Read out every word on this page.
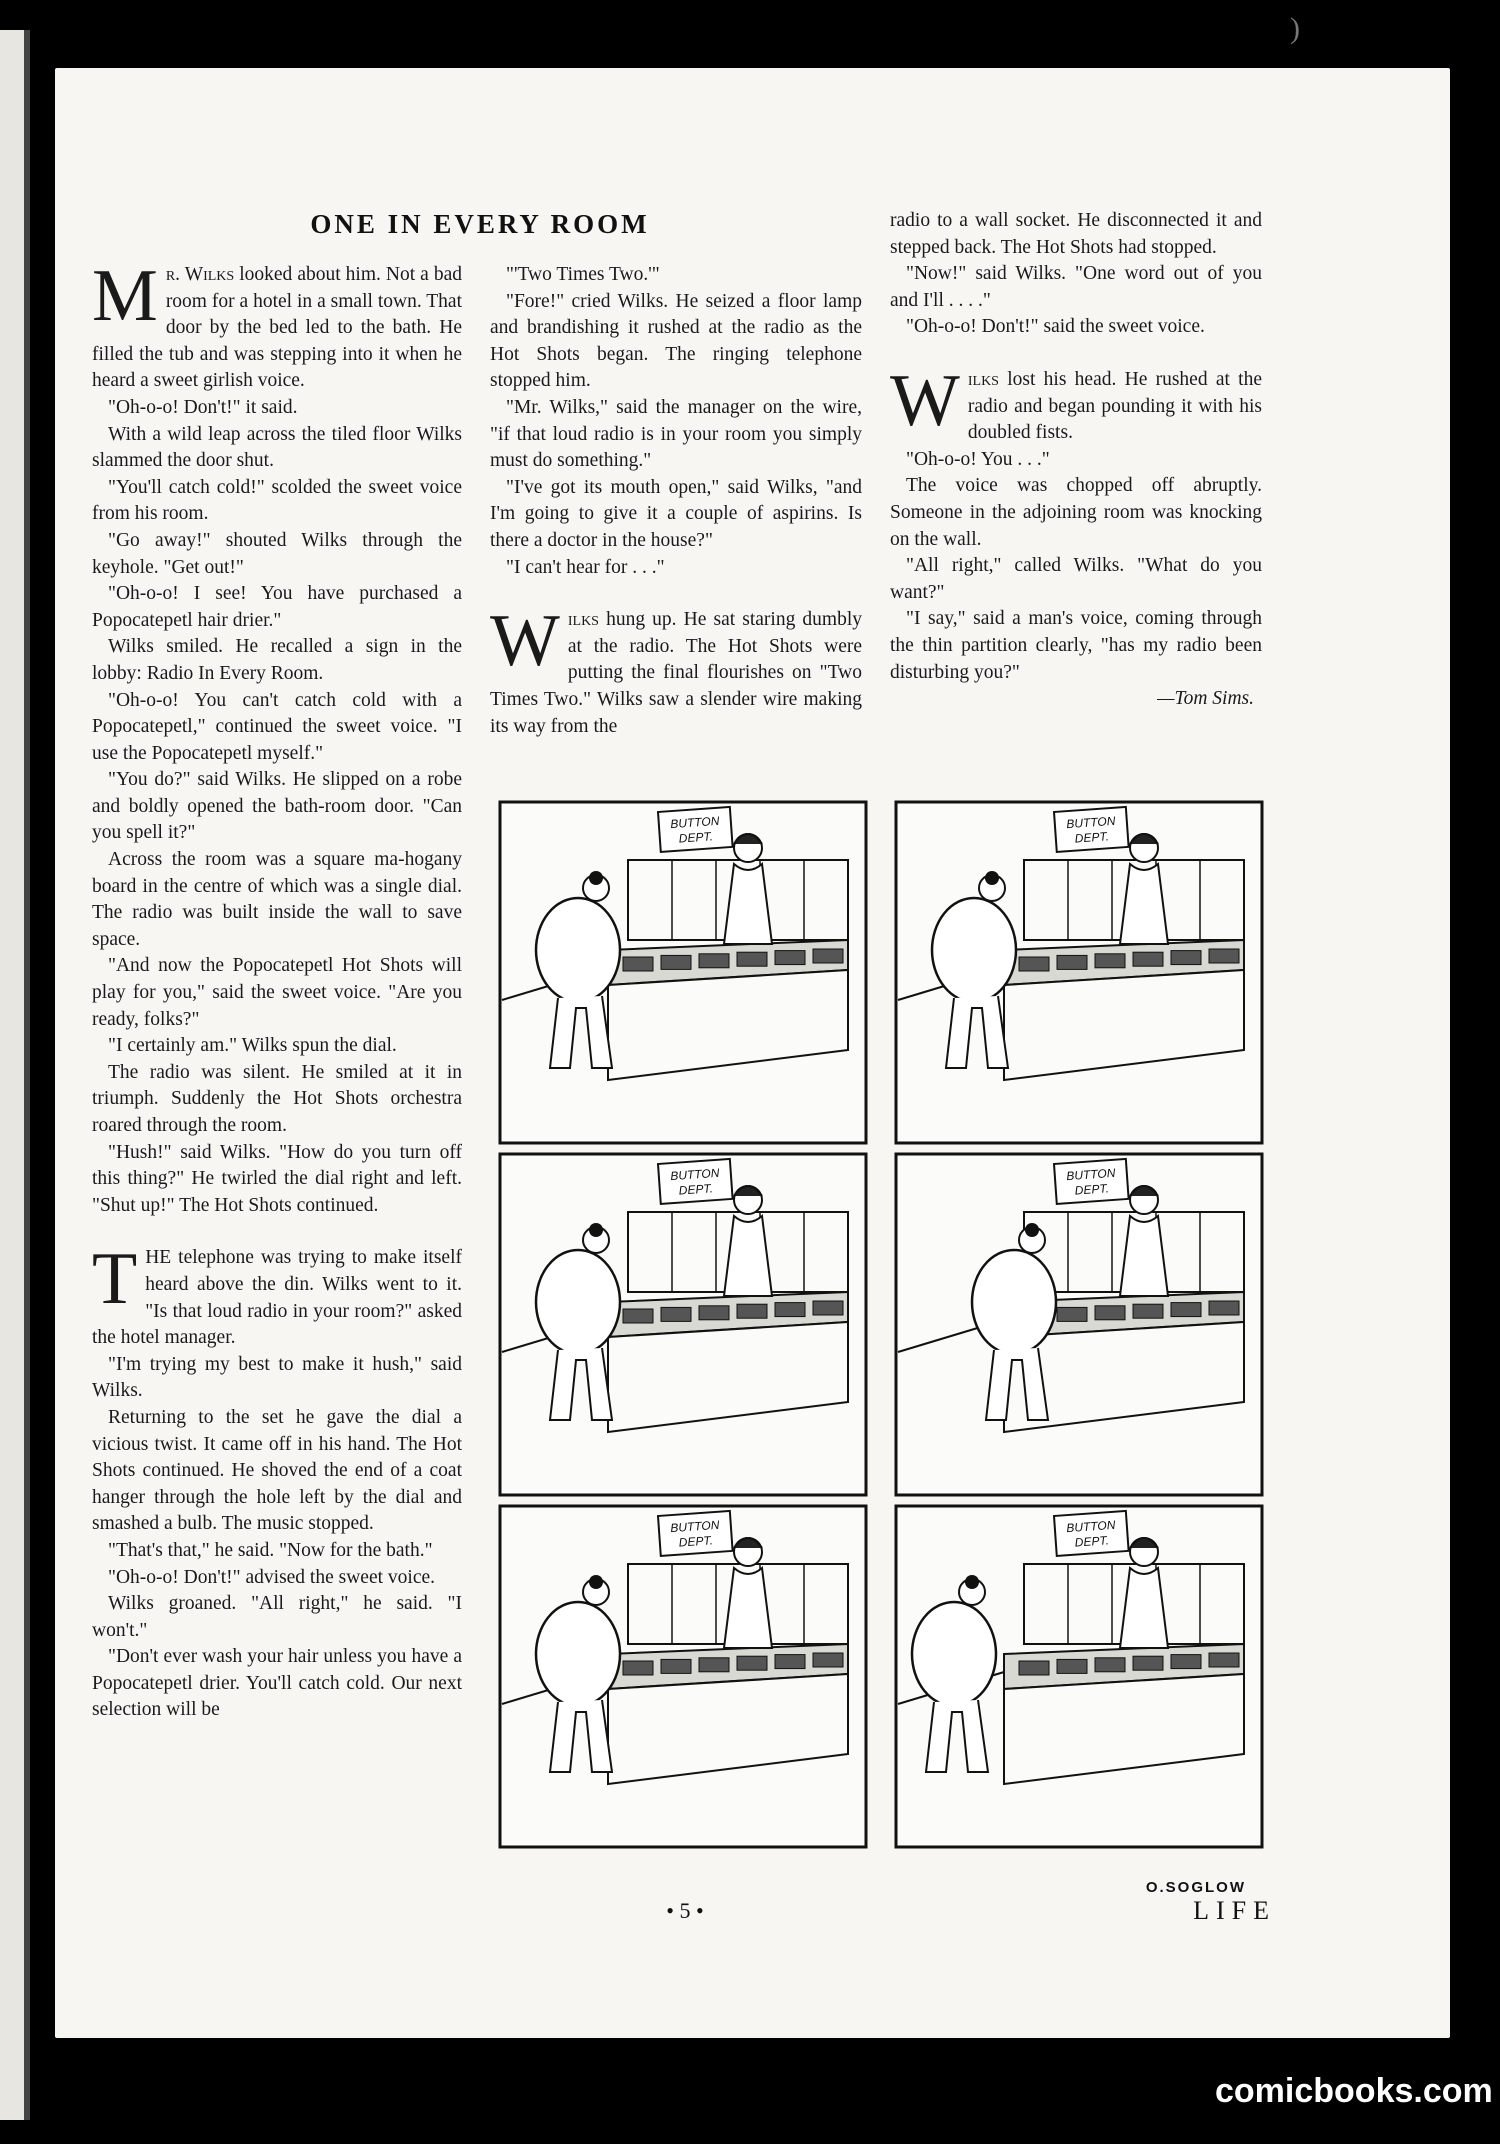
)
ONE IN EVERY ROOM

Mr. Wilks looked about him. Not a bad room for a hotel in a small town. That door by the bed led to the bath. He filled the tub and was stepping into it when he heard a sweet girlish voice.

"Oh-o-o! Don't!" it said.

With a wild leap across the tiled floor Wilks slammed the door shut.

"You'll catch cold!" scolded the sweet voice from his room.

"Go away!" shouted Wilks through the keyhole. "Get out!"

"Oh-o-o! I see! You have purchased a Popocatepetl hair drier."

Wilks smiled. He recalled a sign in the lobby: Radio In Every Room.

"Oh-o-o! You can't catch cold with a Popocatepetl," continued the sweet voice. "I use the Popocatepetl myself."

"You do?" said Wilks. He slipped on a robe and boldly opened the bath-room door. "Can you spell it?"

Across the room was a square ma-hogany board in the centre of which was a single dial. The radio was built inside the wall to save space.

"And now the Popocatepetl Hot Shots will play for you," said the sweet voice. "Are you ready, folks?"

"I certainly am." Wilks spun the dial.

The radio was silent. He smiled at it in triumph. Suddenly the Hot Shots orchestra roared through the room.

"Hush!" said Wilks. "How do you turn off this thing?" He twirled the dial right and left. "Shut up!" The Hot Shots continued.

THE telephone was trying to make itself heard above the din. Wilks went to it. "Is that loud radio in your room?" asked the hotel manager.

"I'm trying my best to make it hush," said Wilks.

Returning to the set he gave the dial a vicious twist. It came off in his hand. The Hot Shots continued. He shoved the end of a coat hanger through the hole left by the dial and smashed a bulb. The music stopped.

"That's that," he said. "Now for the bath."

"Oh-o-o! Don't!" advised the sweet voice.

Wilks groaned. "All right," he said. "I won't."

"Don't ever wash your hair unless you have a Popocatepetl drier. You'll catch cold. Our next selection will be

"'Two Times Two.'"

"Fore!" cried Wilks. He seized a floor lamp and brandishing it rushed at the radio as the Hot Shots began. The ringing telephone stopped him.

"Mr. Wilks," said the manager on the wire, "if that loud radio is in your room you simply must do something."

"I've got its mouth open," said Wilks, "and I'm going to give it a couple of aspirins. Is there a doctor in the house?"

"I can't hear for . . ."

Wilks hung up. He sat staring dumbly at the radio. The Hot Shots were putting the final flourishes on "Two Times Two." Wilks saw a slender wire making its way from the

radio to a wall socket. He disconnected it and stepped back. The Hot Shots had stopped.

"Now!" said Wilks. "One word out of you and I'll . . . ."

"Oh-o-o! Don't!" said the sweet voice.

Wilks lost his head. He rushed at the radio and began pounding it with his doubled fists.

"Oh-o-o! You . . ."

The voice was chopped off abruptly. Someone in the adjoining room was knocking on the wall.

"All right," called Wilks. "What do you want?"

"I say," said a man's voice, coming through the thin partition clearly, "has my radio been disturbing you?"

—Tom Sims.

BUTTON
DEPT.
BUTTON
DEPT.
BUTTON
DEPT.
BUTTON
DEPT.
BUTTON
DEPT.
BUTTON
DEPT.
O.SOGLOW
• 5 •	LIFE
comicbooks.com
